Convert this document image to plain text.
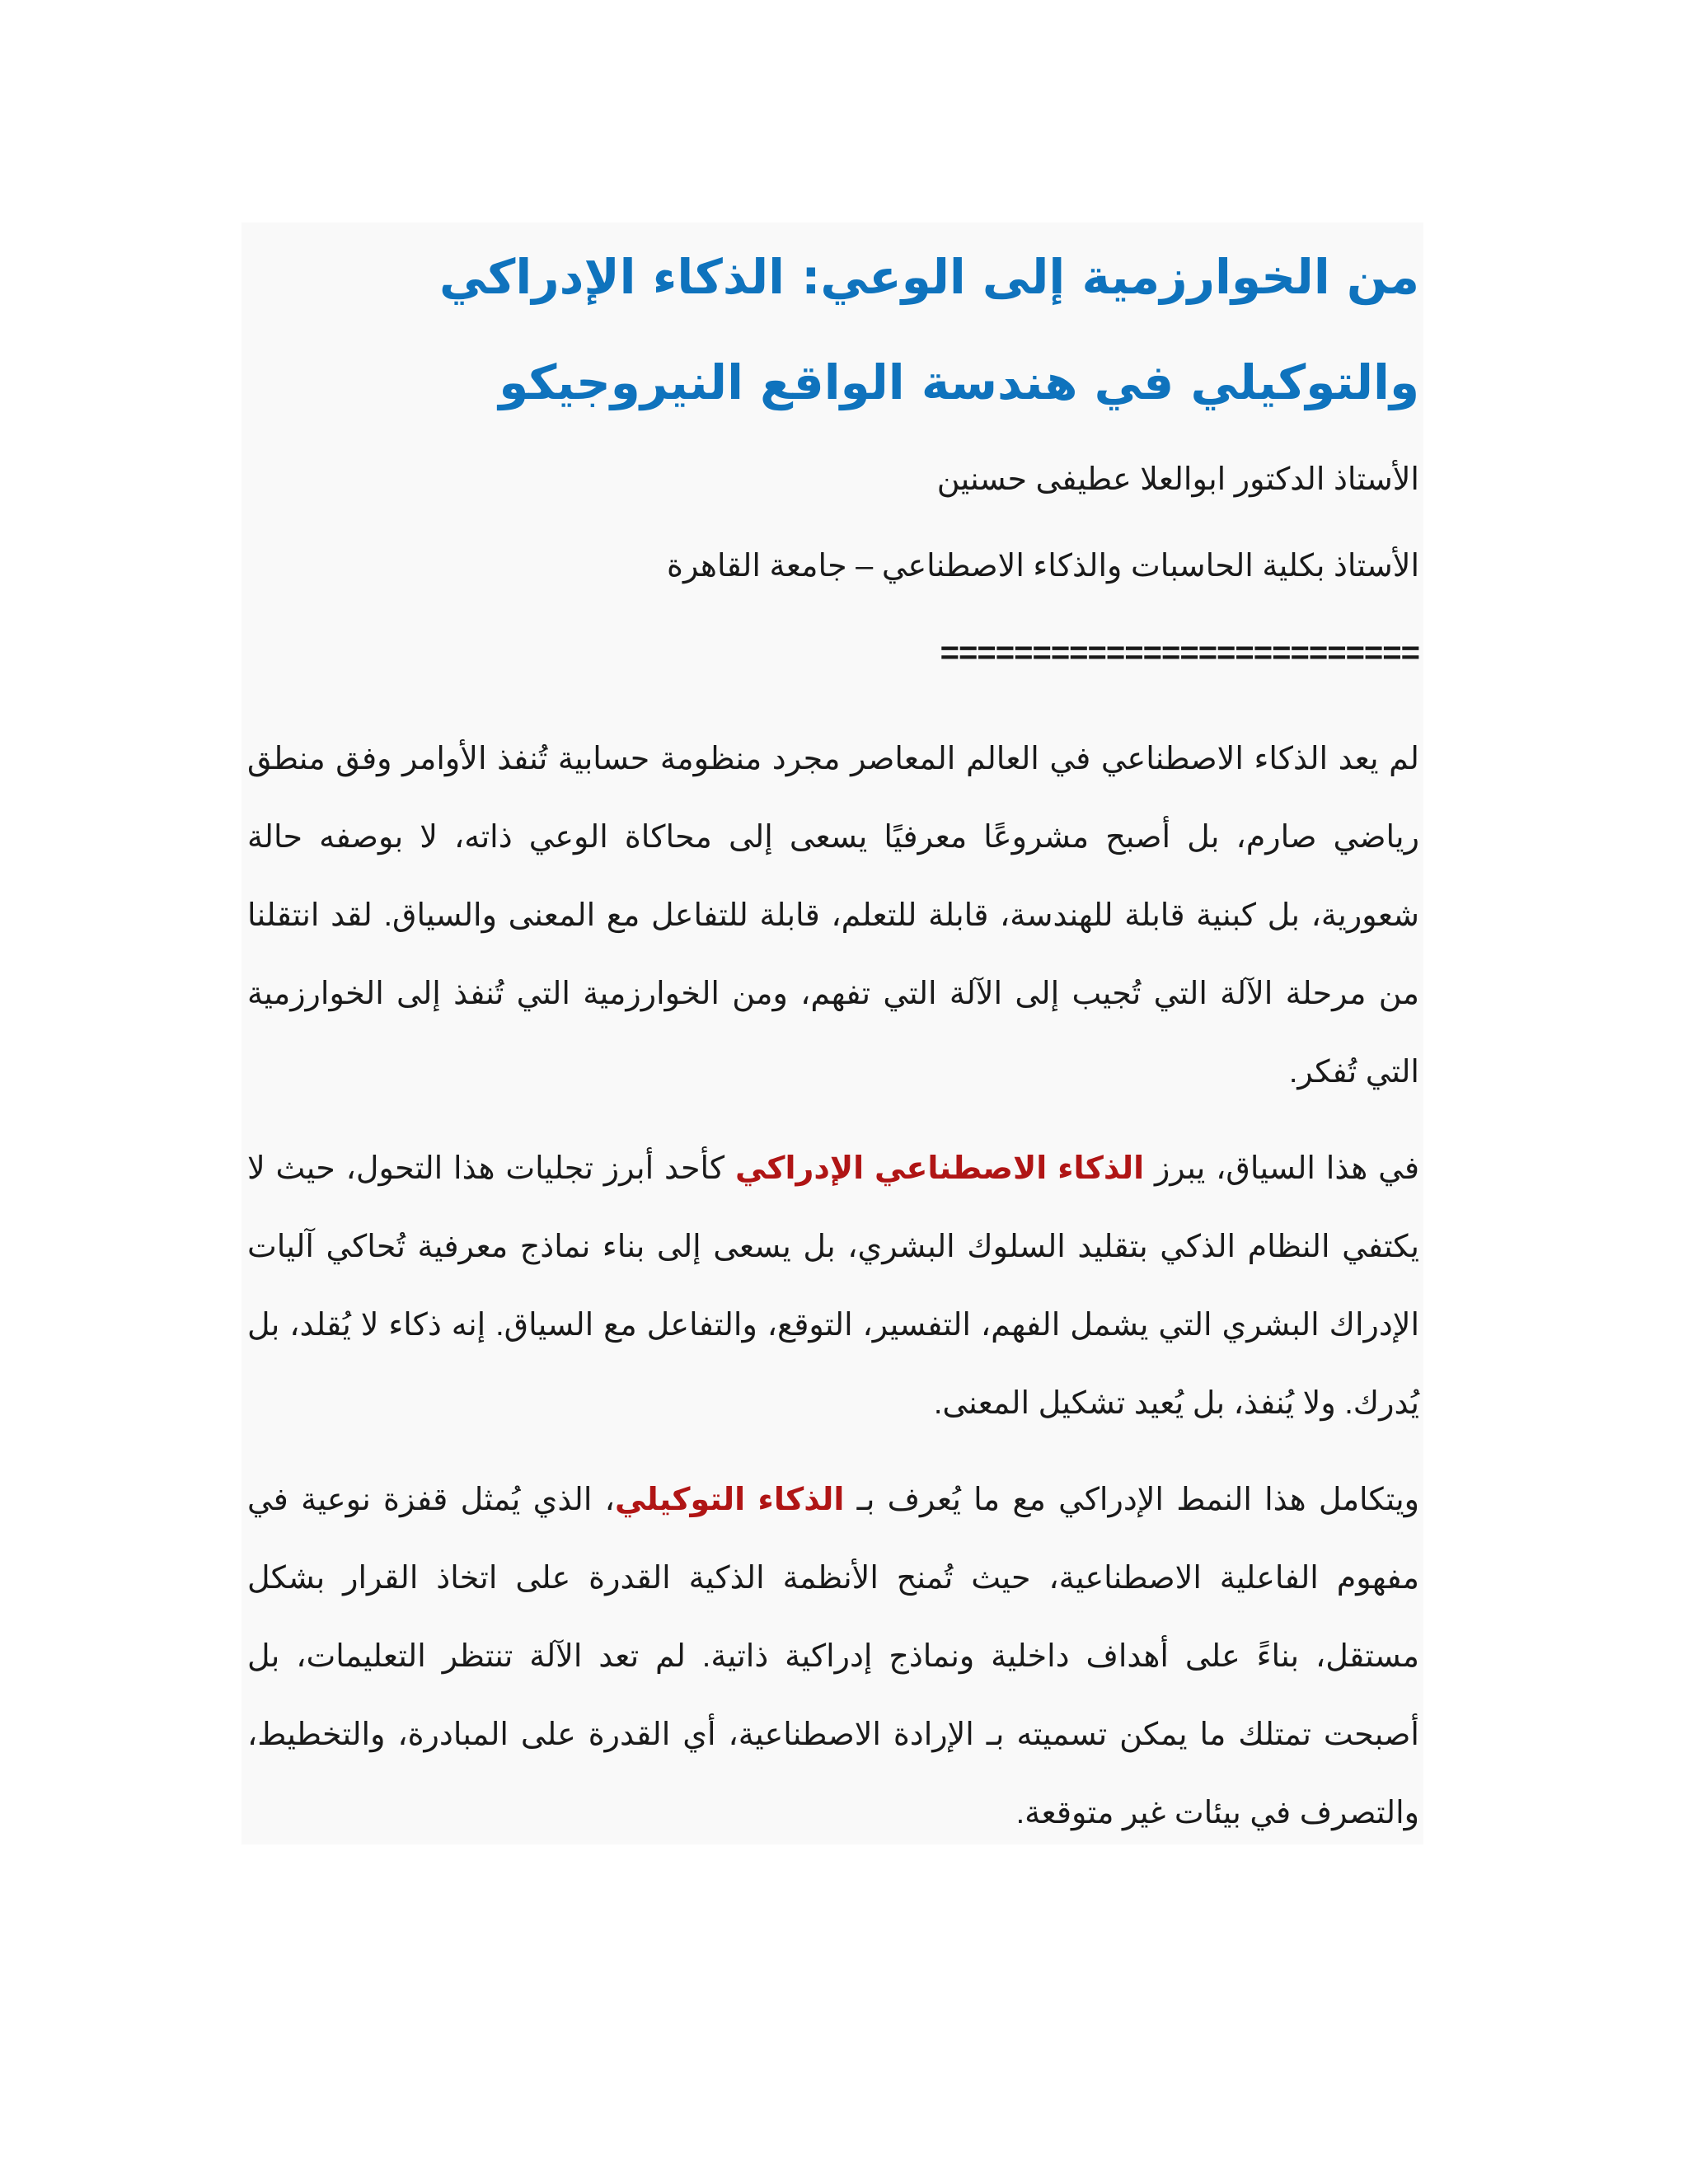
من الخوارزمية إلى الوعي: الذكاء الإدراكي والتوكيلي في هندسة الواقع النيروجيكو

الأستاذ الدكتور ابوالعلا عطيفى حسنين

الأستاذ بكلية الحاسبات والذكاء الاصطناعي – جامعة القاهرة

==========================

لم يعد الذكاء الاصطناعي في العالم المعاصر مجرد منظومة حسابية تُنفذ الأوامر وفق منطق رياضي صارم، بل أصبح مشروعًا معرفيًا يسعى إلى محاكاة الوعي ذاته، لا بوصفه حالة شعورية، بل كبنية قابلة للهندسة، قابلة للتعلم، قابلة للتفاعل مع المعنى والسياق. لقد انتقلنا من مرحلة الآلة التي تُجيب إلى الآلة التي تفهم، ومن الخوارزمية التي تُنفذ إلى الخوارزمية التي تُفكر.

في هذا السياق، يبرز الذكاء الاصطناعي الإدراكي كأحد أبرز تجليات هذا التحول، حيث لا يكتفي النظام الذكي بتقليد السلوك البشري، بل يسعى إلى بناء نماذج معرفية تُحاكي آليات الإدراك البشري التي يشمل الفهم، التفسير، التوقع، والتفاعل مع السياق. إنه ذكاء لا يُقلد، بل يُدرك. ولا يُنفذ، بل يُعيد تشكيل المعنى.

ويتكامل هذا النمط الإدراكي مع ما يُعرف بـ الذكاء التوكيلي، الذي يُمثل قفزة نوعية في مفهوم الفاعلية الاصطناعية، حيث تُمنح الأنظمة الذكية القدرة على اتخاذ القرار بشكل مستقل، بناءً على أهداف داخلية ونماذج إدراكية ذاتية. لم تعد الآلة تنتظر التعليمات، بل أصبحت تمتلك ما يمكن تسميته بـ الإرادة الاصطناعية، أي القدرة على المبادرة، والتخطيط، والتصرف في بيئات غير متوقعة.
